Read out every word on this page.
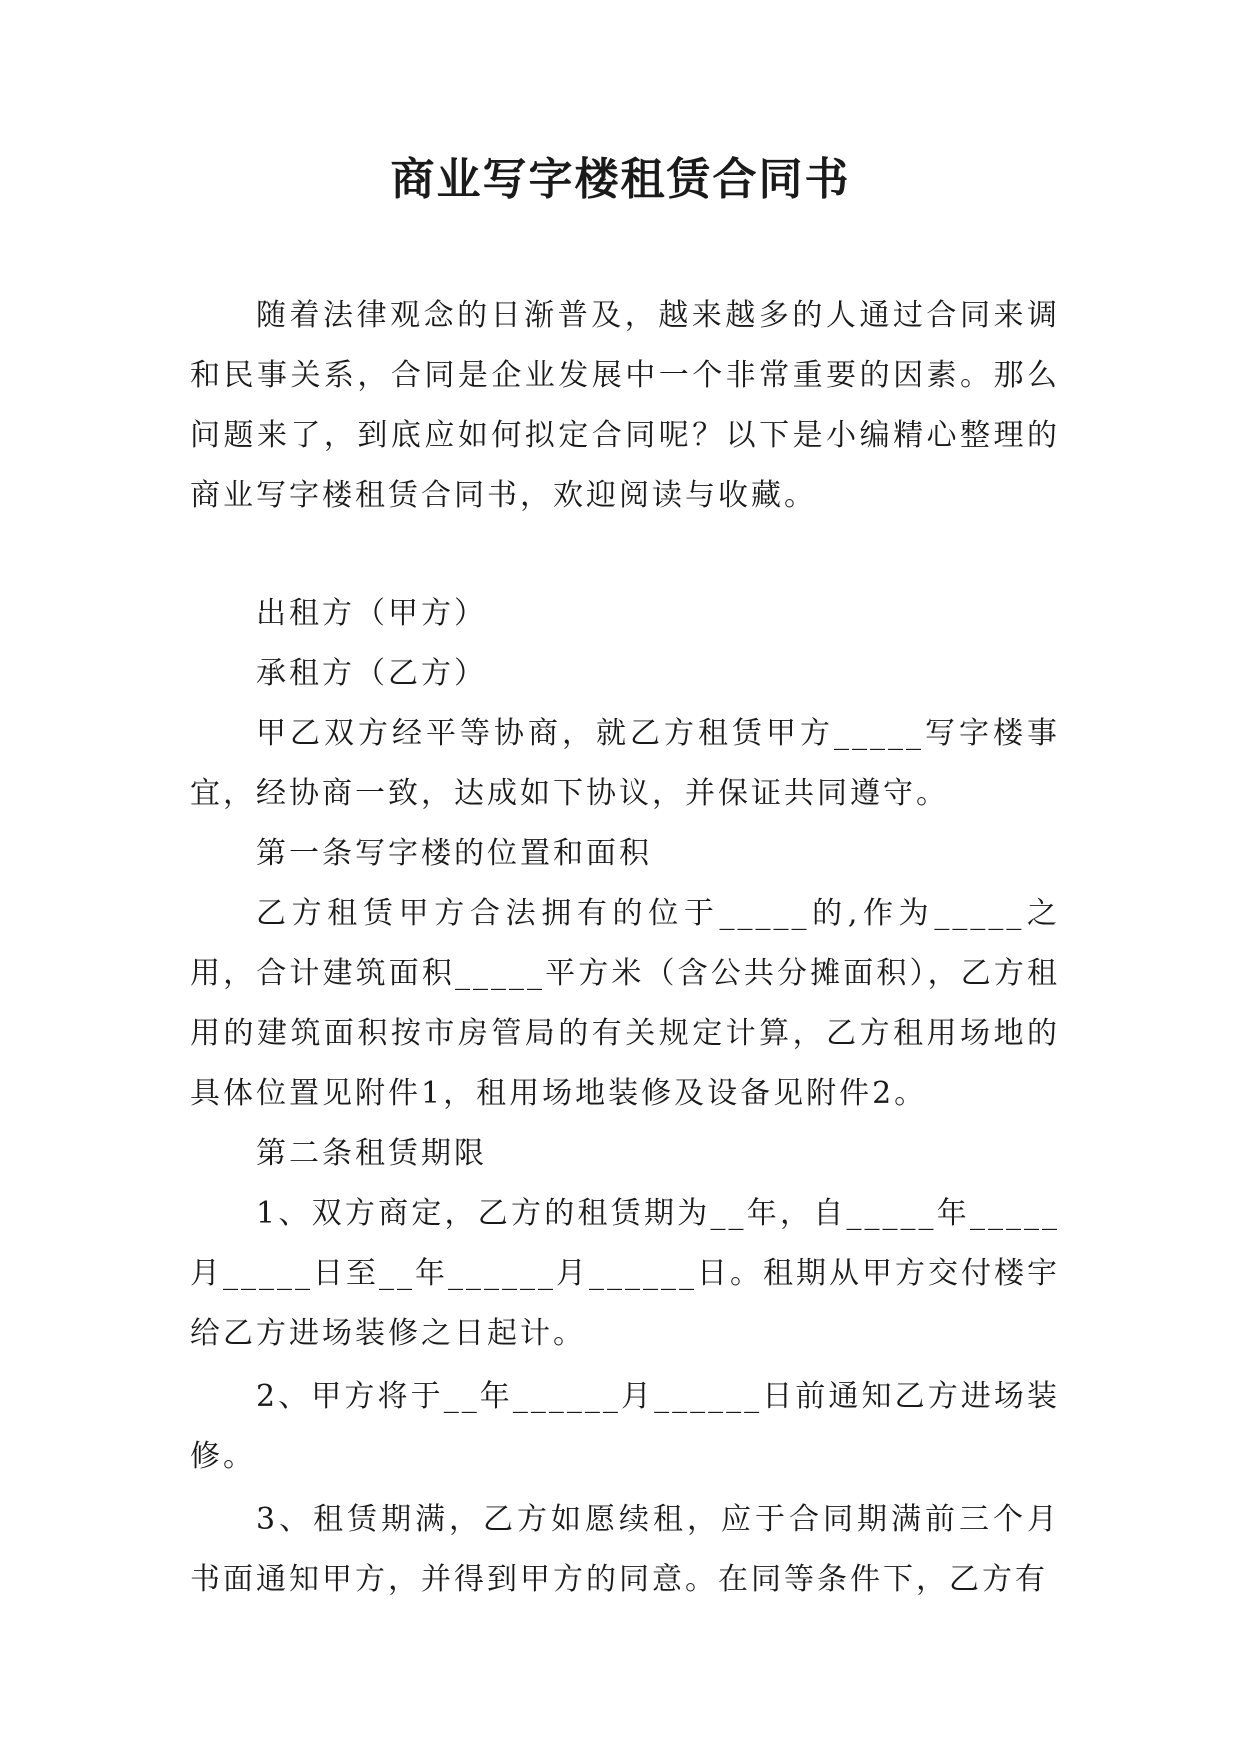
商业写字楼租赁合同书

随着法律观念的日渐普及，越来越多的人通过合同来调和民事关系，合同是企业发展中一个非常重要的因素。那么问题来了，到底应如何拟定合同呢？以下是小编精心整理的商业写字楼租赁合同书，欢迎阅读与收藏。

出租方（甲方）

承租方（乙方）

甲乙双方经平等协商，就乙方租赁甲方_____写字楼事宜，经协商一致，达成如下协议，并保证共同遵守。

第一条写字楼的位置和面积

乙方租赁甲方合法拥有的位于_____的,作为_____之用，合计建筑面积_____平方米（含公共分摊面积），乙方租用的建筑面积按市房管局的有关规定计算，乙方租用场地的具体位置见附件1，租用场地装修及设备见附件2。

第二条租赁期限

1、双方商定，乙方的租赁期为__年，自_____年_____月_____日至__年______月______日。租期从甲方交付楼宇给乙方进场装修之日起计。

2、甲方将于__年______月______日前通知乙方进场装修。

3、租赁期满，乙方如愿续租，应于合同期满前三个月书面通知甲方，并得到甲方的同意。在同等条件下，乙方有
